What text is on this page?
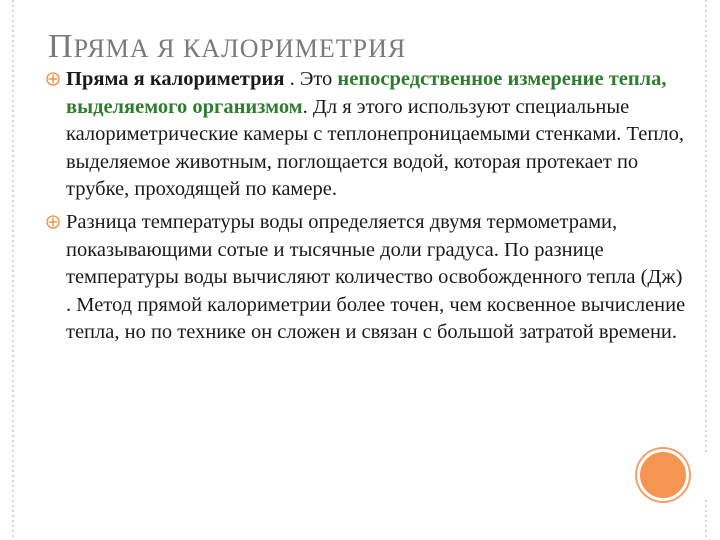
ПРЯМА Я КАЛОРИМЕТРИЯ
Пряма я калориметрия . Это непосредственное измерение тепла, выделяемого организмом. Дл я этого используют специальные калориметрические камеры с теплонепроницаемыми стенками. Тепло, выделяемое животным, поглощается водой, которая протекает по трубке, проходящей по камере.
Разница температуры воды определяется двумя термометрами, показывающими сотые и тысячные доли градуса. По разнице температуры воды вычисляют количество освобожденного тепла (Дж) . Метод прямой калориметрии более точен, чем косвенное вычисление тепла, но по технике он сложен и связан с большой затратой времени.
